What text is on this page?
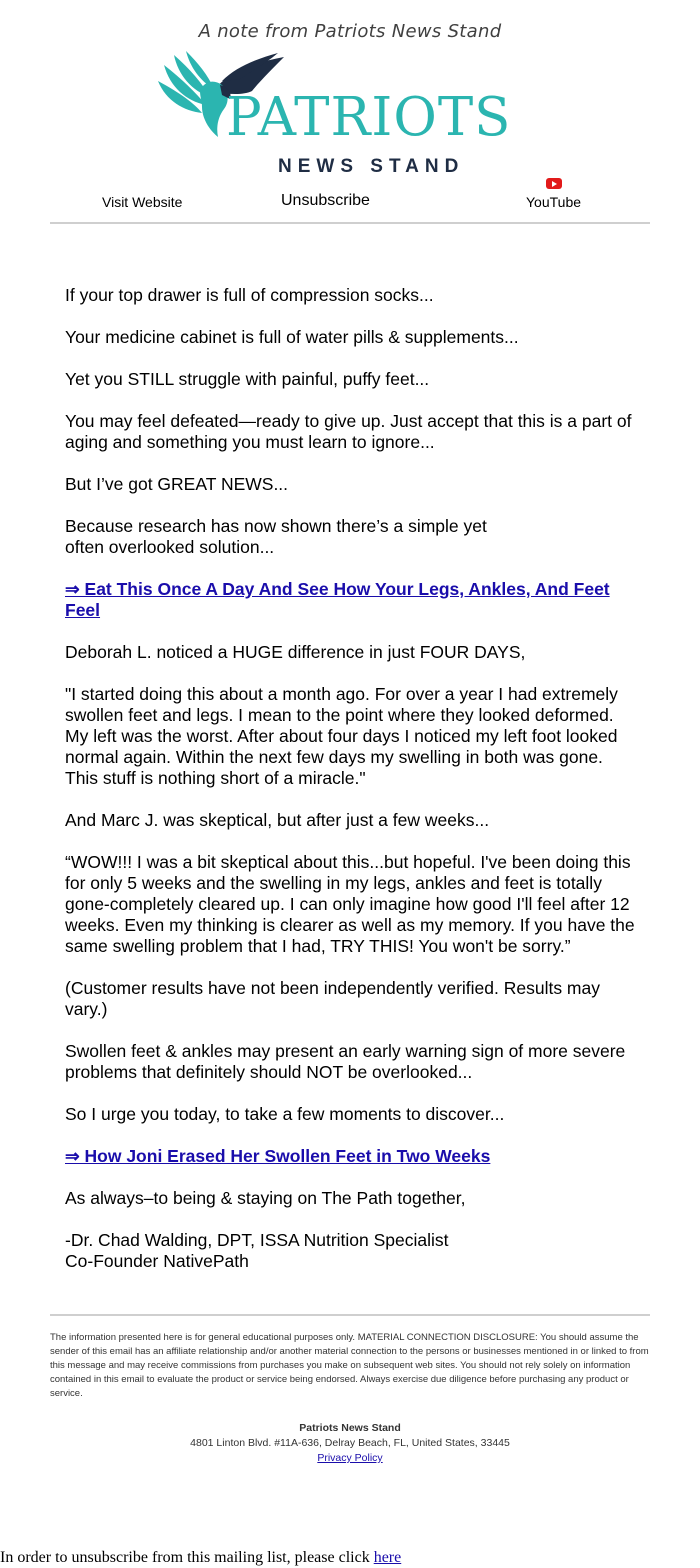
A note from Patriots News Stand
PATRIOTS
NEWS STAND
Visit Website	Unsubscribe	YouTube

If your top drawer is full of compression socks...

Your medicine cabinet is full of water pills & supplements...

Yet you STILL struggle with painful, puffy feet...

You may feel defeated—ready to give up. Just accept that this is a part of aging and something you must learn to ignore...

But I’ve got GREAT NEWS...

Because research has now shown there’s a simple yet
often overlooked solution...

⇒ Eat This Once A Day And See How Your Legs, Ankles, And Feet Feel

Deborah L. noticed a HUGE difference in just FOUR DAYS,

"I started doing this about a month ago. For over a year I had extremely swollen feet and legs. I mean to the point where they looked deformed. My left was the worst. After about four days I noticed my left foot looked normal again. Within the next few days my swelling in both was gone. This stuff is nothing short of a miracle."

And Marc J. was skeptical, but after just a few weeks...

“WOW!!! I was a bit skeptical about this...but hopeful. I've been doing this for only 5 weeks and the swelling in my legs, ankles and feet is totally gone-completely cleared up. I can only imagine how good I'll feel after 12 weeks. Even my thinking is clearer as well as my memory. If you have the same swelling problem that I had, TRY THIS! You won't be sorry.”

(Customer results have not been independently verified. Results may vary.)

Swollen feet & ankles may present an early warning sign of more severe problems that definitely should NOT be overlooked...

So I urge you today, to take a few moments to discover...

⇒ How Joni Erased Her Swollen Feet in Two Weeks

As always–to being & staying on The Path together,

-Dr. Chad Walding, DPT, ISSA Nutrition Specialist
Co-Founder NativePath

The information presented here is for general educational purposes only. MATERIAL CONNECTION DISCLOSURE: You should assume the sender of this email has an affiliate relationship and/or another material connection to the persons or businesses mentioned in or linked to from this message and may receive commissions from purchases you make on subsequent web sites. You should not rely solely on information contained in this email to evaluate the product or service being endorsed. Always exercise due diligence before purchasing any product or service.
Patriots News Stand
4801 Linton Blvd. #11A-636, Delray Beach, FL, United States, 33445
Privacy Policy
In order to unsubscribe from this mailing list, please click here
